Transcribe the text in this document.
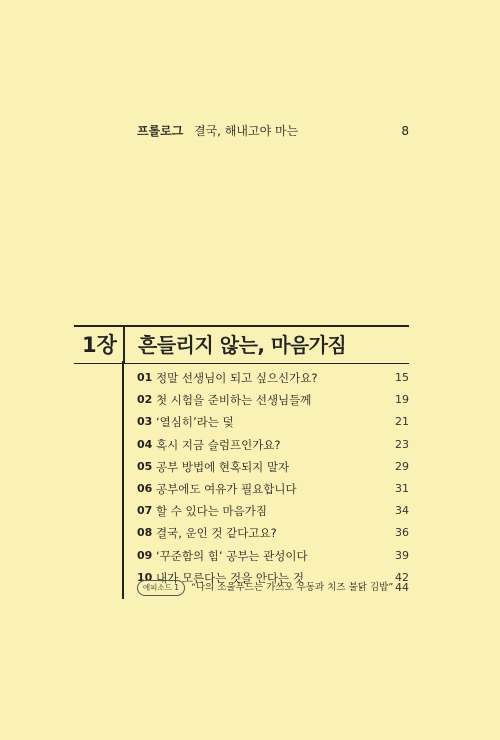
프롤로그 결국, 해내고야 마는	8
1장 흔들리지 않는, 마음가짐
01 정말 선생님이 되고 싶으신가요?	15
02 첫 시험을 준비하는 선생님들께	19
03 ‘열심히’라는 덫	21
04 혹시 지금 슬럼프인가요?	23
05 공부 방법에 현혹되지 말자	29
06 공부에도 여유가 필요합니다	31
07 할 수 있다는 마음가짐	34
08 결국, 운인 것 같다고요?	36
09 ‘꾸준함의 힘’ 공부는 관성이다	39
10 내가 모른다는 것을 안다는 것	42
에피소드 1	“나의 소울푸드는 가쓰오 우동과 치즈 불닭 김밥” 44
